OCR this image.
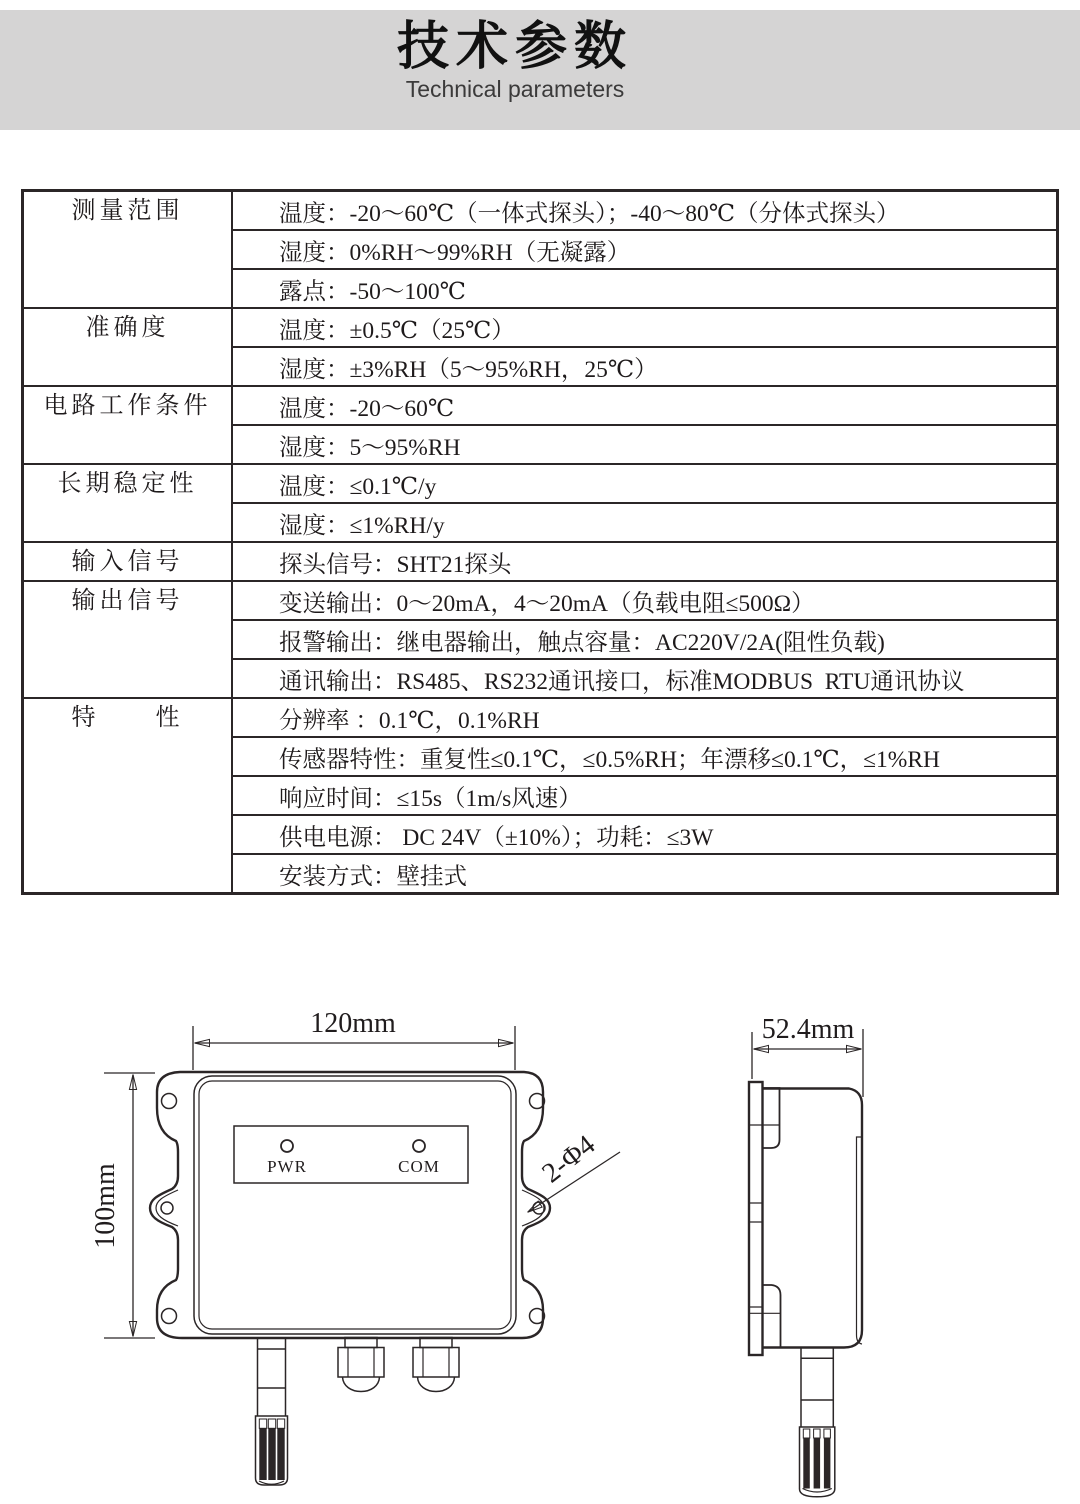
技术参数

Technical parameters

测量范围	温度：-20～60℃（一体式探头）；-40～80℃（分体式探头）
	湿度：0%RH～99%RH（无凝露）
	露点：-50～100℃
准确度	温度：±0.5℃（25℃）
	湿度：±3%RH（5～95%RH，25℃）
电路工作条件	温度：-20～60℃
	湿度：5～95%RH
长期稳定性	温度：≤0.1℃/y
	湿度：≤1%RH/y
输入信号	探头信号：SHT21探头
输出信号	变送输出：0～20mA，4～20mA（负载电阻≤500Ω）
	报警输出：继电器输出，触点容量：AC220V/2A(阻性负载)
	通讯输出：RS485、RS232通讯接口，标准MODBUS  RTU通讯协议
特　　性	分辨率 ：0.1℃，0.1%RH
	传感器特性：重复性≤0.1℃，≤0.5%RH；年漂移≤0.1℃，≤1%RH
	响应时间：≤15s（1m/s风速）
	供电电源： DC 24V（±10%）；功耗：≤3W
	安装方式：壁挂式
PWR	COM
120mm
100mm
2-Φ4
52.4mm
